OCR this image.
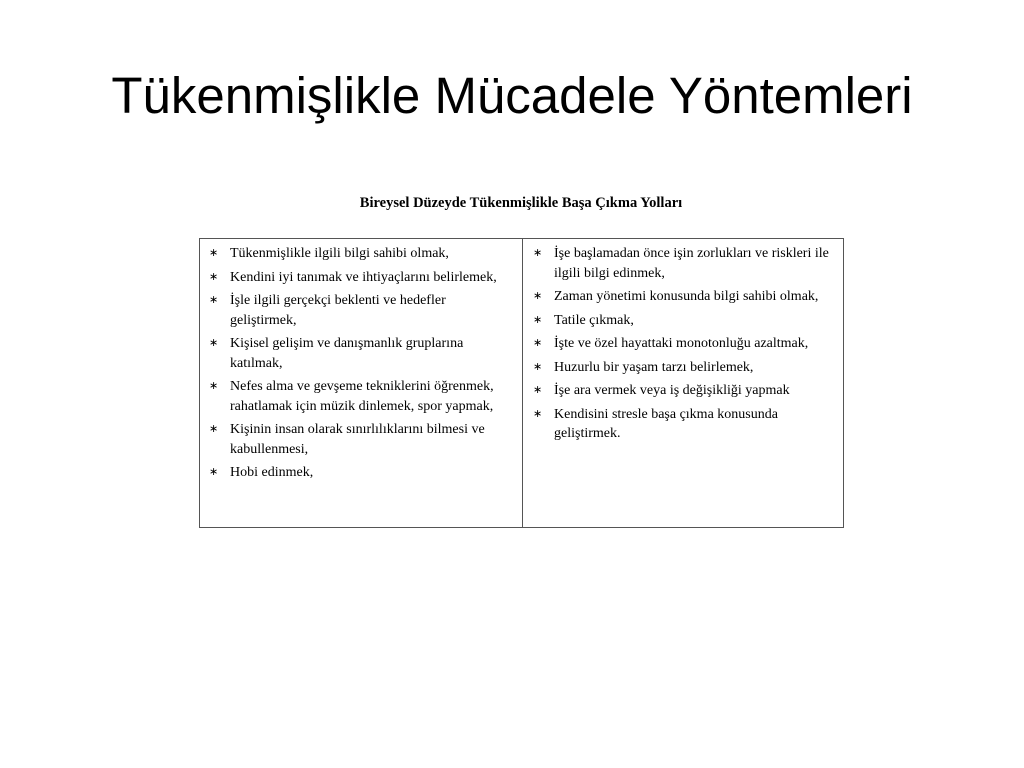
Tükenmişlikle Mücadele Yöntemleri
Bireysel Düzeyde Tükenmişlikle Başa Çıkma Yolları
∗ Tükenmişlikle ilgili bilgi sahibi olmak,
∗ Kendini iyi tanımak ve ihtiyaçlarını belirlemek,
∗ İşle ilgili gerçekçi beklenti ve hedefler geliştirmek,
∗ Kişisel gelişim ve danışmanlık gruplarına katılmak,
∗ Nefes alma ve gevşeme tekniklerini öğrenmek, rahatlamak için müzik dinlemek, spor yapmak,
∗ Kişinin insan olarak sınırlılıklarını bilmesi ve kabullenmesi,
∗ Hobi edinmek,
∗ İşe başlamadan önce işin zorlukları ve riskleri ile ilgili bilgi edinmek,
∗ Zaman yönetimi konusunda bilgi sahibi olmak,
∗ Tatile çıkmak,
∗ İşte ve özel hayattaki monotonluğu azaltmak,
∗ Huzurlu bir yaşam tarzı belirlemek,
∗ İşe ara vermek veya iş değişikliği yapmak
∗ Kendisini stresle başa çıkma konusunda geliştirmek.
